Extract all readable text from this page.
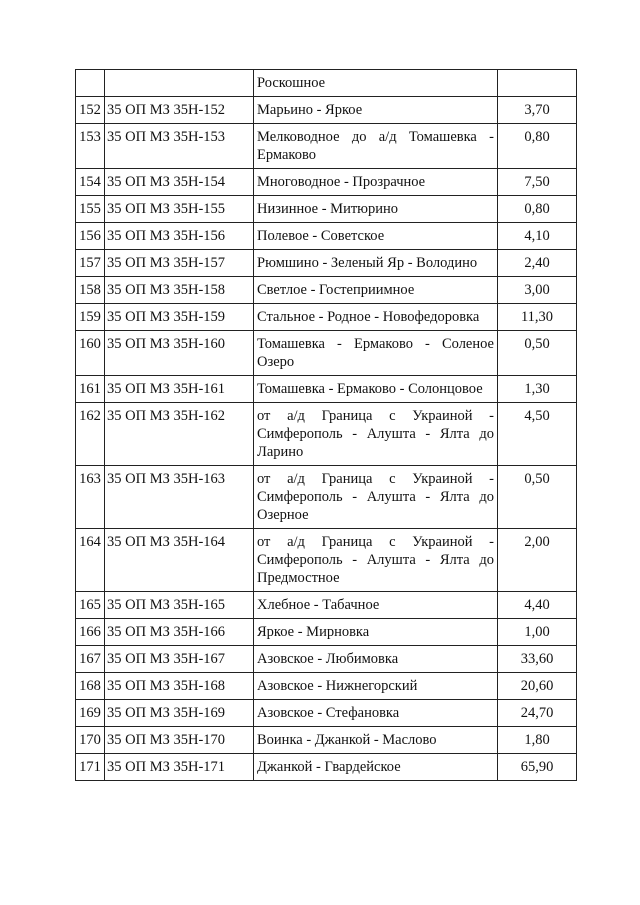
		Роскошное	
152	35 ОП МЗ 35Н-152	Марьино - Яркое	3,70
153	35 ОП МЗ 35Н-153	Мелководное до а/д Томашевка - Ермаково	0,80
154	35 ОП МЗ 35Н-154	Многоводное - Прозрачное	7,50
155	35 ОП МЗ 35Н-155	Низинное - Митюрино	0,80
156	35 ОП МЗ 35Н-156	Полевое - Советское	4,10
157	35 ОП МЗ 35Н-157	Рюмшино - Зеленый Яр - Володино	2,40
158	35 ОП МЗ 35Н-158	Светлое - Гостеприимное	3,00
159	35 ОП МЗ 35Н-159	Стальное - Родное - Новофедоровка	11,30
160	35 ОП МЗ 35Н-160	Томашевка - Ермаково - Соленое Озеро	0,50
161	35 ОП МЗ 35Н-161	Томашевка - Ермаково - Солонцовое	1,30
162	35 ОП МЗ 35Н-162	от а/д Граница с Украиной - Симферополь - Алушта - Ялта до Ларино	4,50
163	35 ОП МЗ 35Н-163	от а/д Граница с Украиной - Симферополь - Алушта - Ялта до Озерное	0,50
164	35 ОП МЗ 35Н-164	от а/д Граница с Украиной - Симферополь - Алушта - Ялта до Предмостное	2,00
165	35 ОП МЗ 35Н-165	Хлебное - Табачное	4,40
166	35 ОП МЗ 35Н-166	Яркое - Мирновка	1,00
167	35 ОП МЗ 35Н-167	Азовское - Любимовка	33,60
168	35 ОП МЗ 35Н-168	Азовское - Нижнегорский	20,60
169	35 ОП МЗ 35Н-169	Азовское - Стефановка	24,70
170	35 ОП МЗ 35Н-170	Воинка - Джанкой - Маслово	1,80
171	35 ОП МЗ 35Н-171	Джанкой - Гвардейское	65,90
